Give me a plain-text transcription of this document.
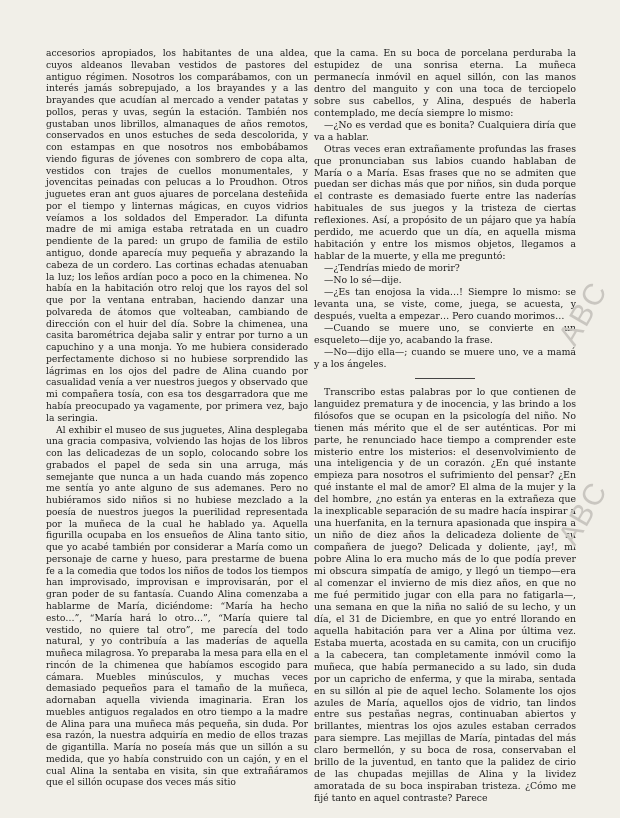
accesorios apropiados, los habitantes de una aldea, cuyos aldeanos llevaban vestidos de pastores del antiguo régimen. Nosotros los comparábamos, con un interés jamás sobrepujado, a los brayandes y a las brayandes que acudían al mercado a vender patatas y pollos, peras y uvas, según la estación. También nos gustaban unos librillos, almanaques de años remotos, conservados en unos estuches de seda descolorida, y con estampas en que nosotros nos embobábamos viendo figuras de jóvenes con sombrero de copa alta, vestidos con trajes de cuellos monumentales, y jovencitas peinadas con pelucas a lo Proudhon. Otros juguetes eran ant guos ajuares de porcelana desteñida por el tiempo y linternas mágicas, en cuyos vidrios veíamos a los soldados del Emperador. La difunta madre de mi amiga estaba retratada en un cuadro pendiente de la pared: un grupo de familia de estilo antiguo, donde aparecía muy pequeña y abrazando la cabeza de un cordero. Las cortinas echadas atenuaban la luz; los leños ardían poco a poco en la chimenea. No había en la habitación otro reloj que los rayos del sol que por la ventana entraban, haciendo danzar una polvareda de átomos que volteaban, cambiando de dirección con el huir del día. Sobre la chimenea, una casita barométrica dejaba salir y entrar por turno a un capuchino y a una monja. Yo me hubiera considerado perfectamente dichoso si no hubiese sorprendido las lágrimas en los ojos del padre de Alina cuando por casualidad venía a ver nuestros juegos y observado que mi compañera tosía, con esa tos desgarradora que me había preocupado ya vagamente, por primera vez, bajo la seringia.

Al exhibir el museo de sus juguetes, Alina desplegaba una gracia compasiva, volviendo las hojas de los libros con las delicadezas de un soplo, colocando sobre los grabados el papel de seda sin una arruga, más semejante que nunca a un hada cuando más zopenco me sentía yo ante alguno de sus ademanes. Pero no hubiéramos sido niños si no hubiese mezclado a la poesía de nuestros juegos la puerilidad representada por la muñeca de la cual he hablado ya. Aquella figurilla ocupaba en los ensueños de Alina tanto sitio, que yo acabé también por considerar a María como un personaje de carne y hueso, para prestarme de buena fe a la comedia que todos los niños de todos los tiempos han improvisado, improvisan e improvisarán, por el gran poder de su fantasía. Cuando Alina comenzaba a hablarme de María, diciéndome: “María ha hecho esto…”, “María hará lo otro…”, “María quiere tal vestido, no quiere tal otro”, me parecía del todo natural, y yo contribuía a las maderías de aquella muñeca milagrosa. Yo preparaba la mesa para ella en el rincón de la chimenea que habíamos escogido para cámara. Muebles minúsculos, y muchas veces demasiado pequeños para el tamaño de la muñeca, adornaban aquella vivienda imaginaria. Eran los muebles antiguos regalados en otro tiempo a la madre de Alina para una muñeca más pequeña, sin duda. Por esa razón, la nuestra adquiría en medio de ellos trazas de gigantilla. María no poseía más que un sillón a su medida, que yo había construido con un cajón, y en el cual Alina la sentaba en visita, sin que extrañáramos que el sillón ocupase dos veces más sitio

que la cama. En su boca de porcelana perduraba la estupidez de una sonrisa eterna. La muñeca permanecía inmóvil en aquel sillón, con las manos dentro del manguito y con una toca de terciopelo sobre sus cabellos, y Alina, después de haberla contemplado, me decía siempre lo mismo:

—¿No es verdad que es bonita? Cualquiera diría que va a hablar.

Otras veces eran extrañamente profundas las frases que pronunciaban sus labios cuando hablaban de María o a María. Esas frases que no se admiten que puedan ser dichas más que por niños, sin duda porque el contraste es demasiado fuerte entre las naderías habituales de sus juegos y la tristeza de ciertas reflexiones. Así, a propósito de un pájaro que ya había perdido, me acuerdo que un día, en aquella misma habitación y entre los mismos objetos, llegamos a hablar de la muerte, y ella me preguntó:

—¿Tendrías miedo de morir?

—No lo sé—dije.

—¿Es tan enojosa la vida…! Siempre lo mismo: se levanta una, se viste, come, juega, se acuesta, y después, vuelta a empezar… Pero cuando morimos…

—Cuando se muere uno, se convierte en un esqueleto—dije yo, acabando la frase.

—No—dijo ella—; cuando se muere uno, ve a mamá y a los ángeles.

Transcribo estas palabras por lo que contienen de languidez prematura y de inocencia, y las brindo a los filósofos que se ocupan en la psicología del niño. No tienen más mérito que el de ser auténticas. Por mi parte, he renunciado hace tiempo a comprender este misterio entre los misterios: el desenvolvimiento de una inteligencia y de un corazón. ¿En qué instante empieza para nosotros el sufrimiento del pensar? ¿En qué instante el mal de amor? El alma de la mujer y la del hombre, ¿no están ya enteras en la extrañeza que la inexplicable separación de su madre hacía inspirar a una huerfanita, en la ternura apasionada que inspira a un niño de diez años la delicadeza doliente de su compañera de juego? Delicada y doliente, ¡ay!, mi pobre Alina lo era mucho más de lo que podía prever mi obscura simpatía de amigo, y llegó un tiempo—era al comenzar el invierno de mis diez años, en que no me fué permitido jugar con ella para no fatigarla—, una semana en que la niña no salió de su lecho, y un día, el 31 de Diciembre, en que yo entré llorando en aquella habitación para ver a Alina por última vez. Estaba muerta, acostada en su camita, con un crucifijo a la cabecera, tan completamente inmóvil como la muñeca, que había permanecido a su lado, sin duda por un capricho de enferma, y que la miraba, sentada en su sillón al pie de aquel lecho. Solamente los ojos azules de María, aquellos ojos de vidrio, tan lindos entre sus pestañas negras, continuaban abiertos y brillantes, mientras los ojos azules estaban cerrados para siempre. Las mejillas de María, pintadas del más claro bermellón, y su boca de rosa, conservaban el brillo de la juventud, en tanto que la palidez de cirio de las chupadas mejillas de Alina y la lividez amoratada de su boca inspiraban tristeza. ¿Cómo me fijé tanto en aquel contraste? Parece

ABC
ABC
